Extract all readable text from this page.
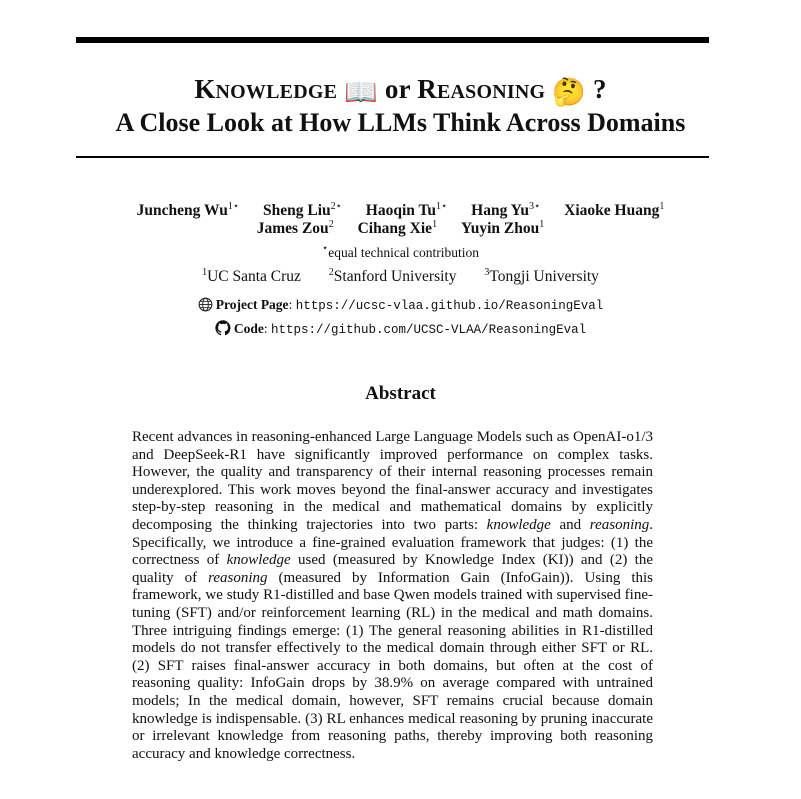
KNOWLEDGE 📖 or REASONING 🤔 ?
A Close Look at How LLMs Think Across Domains
Juncheng $Wu^{1⋆}$ Sheng Liu$^{2⋆}$ Haoqin $Tu^{1⋆}$ Hang $Yu^{3⋆}$ Xiaoke Huang$^1$
James Zou$^2$ Cihang Xie$^1$ Yuyin Zhou$^1$
⋆equal technical contribution
$^1$UC Santa Cruz	$^2$Stanford University	$^3$Tongji University
Project Page: https://ucsc-vlaa.github.io/ReasoningEval
Code: https://github.com/UCSC-VLAA/ReasoningEval
Abstract
Recent advances in reasoning-enhanced Large Language Models such as OpenAI-o1/3 and DeepSeek-R1 have significantly improved performance on complex tasks. However, the quality and transparency of their internal reasoning processes remain underexplored. This work moves beyond the final-answer accuracy and investigates step-by-step reasoning in the medical and mathematical domains by explicitly decomposing the thinking trajectories into two parts: knowledge and reasoning. Specifically, we introduce a fine-grained evaluation framework that judges: (1) the correctness of knowledge used (measured by Knowledge Index (KI)) and (2) the quality of reasoning (measured by Information Gain (InfoGain)). Using this framework, we study R1-distilled and base Qwen models trained with supervised fine-tuning (SFT) and/or reinforcement learning (RL) in the medical and math domains. Three intriguing findings emerge: (1) The general reasoning abilities in R1-distilled models do not transfer effectively to the medical domain through either SFT or RL. (2) SFT raises final-answer accuracy in both domains, but often at the cost of reasoning quality: InfoGain drops by 38.9% on average compared with untrained models; In the medical domain, however, SFT remains crucial because domain knowledge is indispensable. (3) RL enhances medical reasoning by pruning inaccurate or irrelevant knowledge from reasoning paths, thereby improving both reasoning accuracy and knowledge correctness.
